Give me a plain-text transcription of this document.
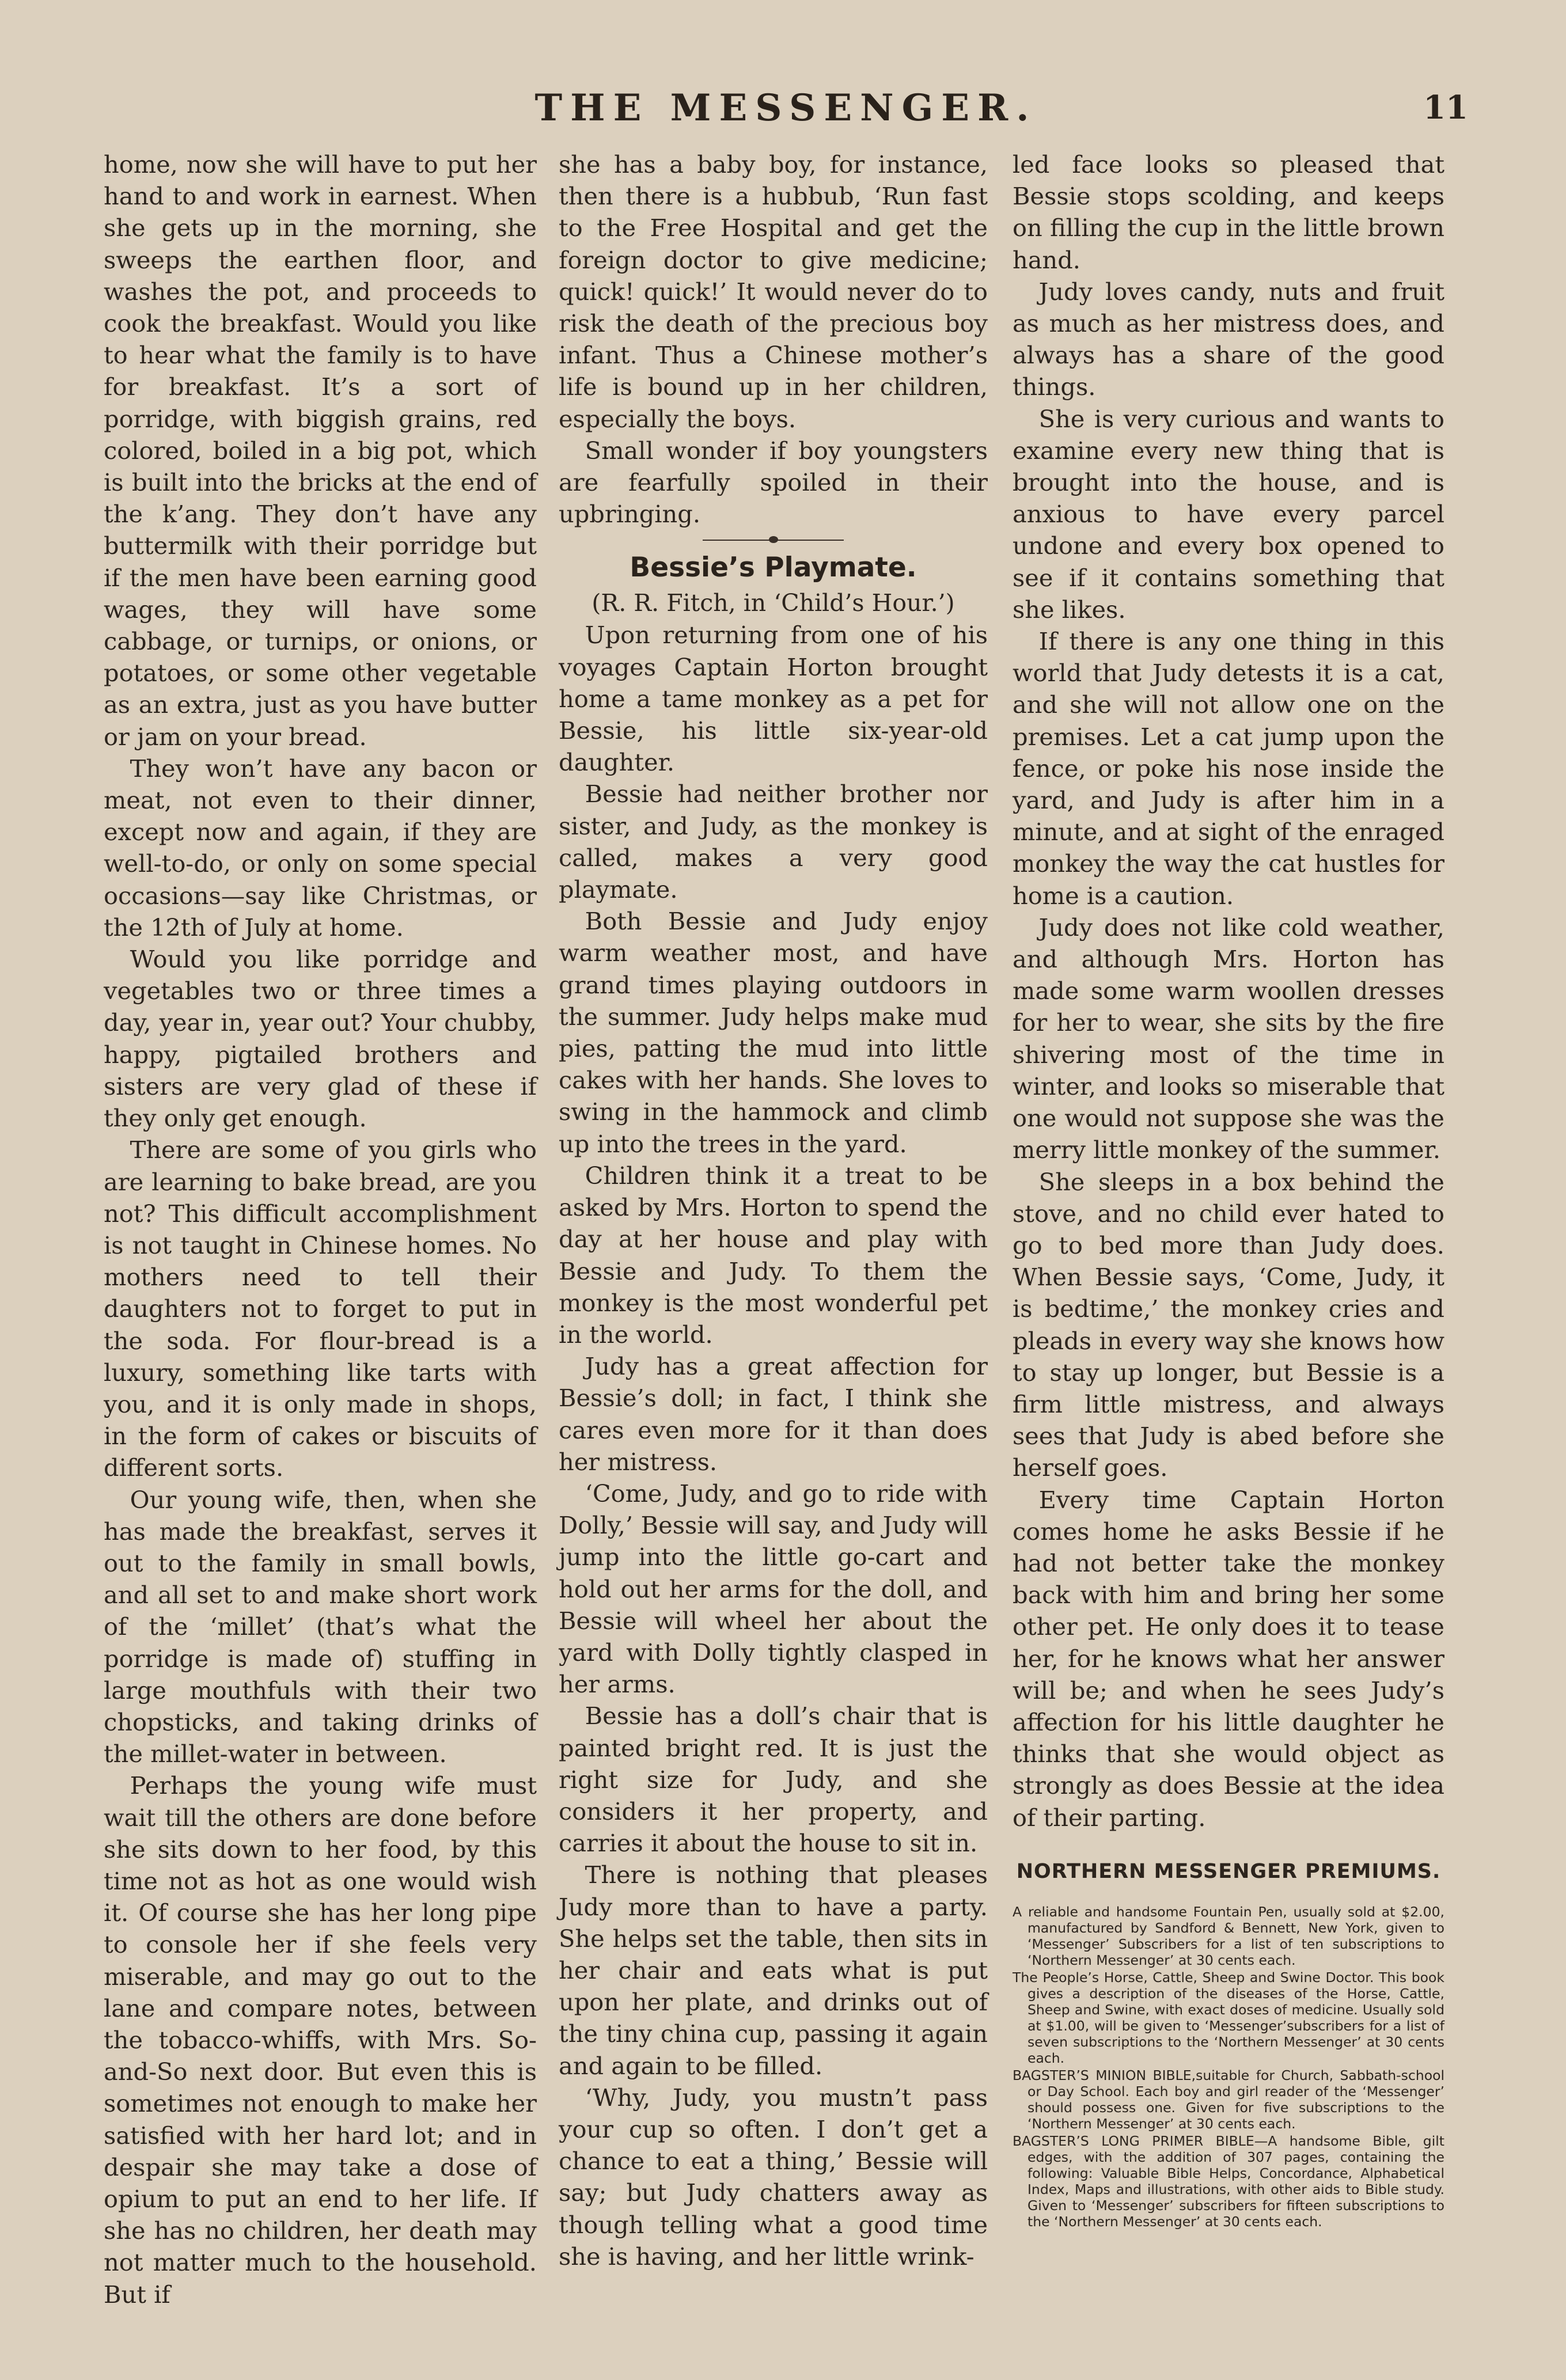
THE MESSENGER.	11

home, now she will have to put her hand to and work in earnest. When she gets up in the morning, she sweeps the earthen floor, and washes the pot, and proceeds to cook the breakfast. Would you like to hear what the family is to have for breakfast. It’s a sort of porridge, with biggish grains, red colored, boiled in a big pot, which is built into the bricks at the end of the k’ang. They don’t have any buttermilk with their porridge but if the men have been earning good wages, they will have some cabbage, or turnips, or onions, or potatoes, or some other vegetable as an extra, just as you have butter or jam on your bread.

They won’t have any bacon or meat, not even to their dinner, except now and again, if they are well-to-do, or only on some special occasions—say like Christmas, or the 12th of July at home.

Would you like porridge and vegetables two or three times a day, year in, year out? Your chubby, happy, pigtailed brothers and sisters are very glad of these if they only get enough.

There are some of you girls who are learning to bake bread, are you not? This difficult accomplishment is not taught in Chinese homes. No mothers need to tell their daughters not to forget to put in the soda. For flour-bread is a luxury, something like tarts with you, and it is only made in shops, in the form of cakes or biscuits of different sorts.

Our young wife, then, when she has made the breakfast, serves it out to the family in small bowls, and all set to and make short work of the ‘millet’ (that’s what the porridge is made of) stuffing in large mouthfuls with their two chopsticks, and taking drinks of the millet-water in between.

Perhaps the young wife must wait till the others are done before she sits down to her food, by this time not as hot as one would wish it. Of course she has her long pipe to console her if she feels very miserable, and may go out to the lane and compare notes, between the tobacco-whiffs, with Mrs. So-and-So next door. But even this is sometimes not enough to make her satisfied with her hard lot; and in despair she may take a dose of opium to put an end to her life. If she has no children, her death may not matter much to the household. But if

she has a baby boy, for instance, then there is a hubbub, ‘Run fast to the Free Hospital and get the foreign doctor to give medicine; quick! quick!’ It would never do to risk the death of the precious boy infant. Thus a Chinese mother’s life is bound up in her children, especially the boys.

Small wonder if boy youngsters are fearfully spoiled in their upbringing.

Bessie’s Playmate.
(R. R. Fitch, in ‘Child’s Hour.’)

Upon returning from one of his voyages Captain Horton brought home a tame monkey as a pet for Bessie, his little six-year-old daughter.

Bessie had neither brother nor sister, and Judy, as the monkey is called, makes a very good playmate.

Both Bessie and Judy enjoy warm weather most, and have grand times playing outdoors in the summer. Judy helps make mud pies, patting the mud into little cakes with her hands. She loves to swing in the hammock and climb up into the trees in the yard.

Children think it a treat to be asked by Mrs. Horton to spend the day at her house and play with Bessie and Judy. To them the monkey is the most wonderful pet in the world.

Judy has a great affection for Bessie’s doll; in fact, I think she cares even more for it than does her mistress.

‘Come, Judy, and go to ride with Dolly,’ Bessie will say, and Judy will jump into the little go-cart and hold out her arms for the doll, and Bessie will wheel her about the yard with Dolly tightly clasped in her arms.

Bessie has a doll’s chair that is painted bright red. It is just the right size for Judy, and she considers it her property, and carries it about the house to sit in.

There is nothing that pleases Judy more than to have a party. She helps set the table, then sits in her chair and eats what is put upon her plate, and drinks out of the tiny china cup, passing it again and again to be filled.

‘Why, Judy, you mustn’t pass your cup so often. I don’t get a chance to eat a thing,’ Bessie will say; but Judy chatters away as though telling what a good time she is having, and her little wrink-

led face looks so pleased that Bessie stops scolding, and keeps on filling the cup in the little brown hand.

Judy loves candy, nuts and fruit as much as her mistress does, and always has a share of the good things.

She is very curious and wants to examine every new thing that is brought into the house, and is anxious to have every parcel undone and every box opened to see if it contains something that she likes.

If there is any one thing in this world that Judy detests it is a cat, and she will not allow one on the premises. Let a cat jump upon the fence, or poke his nose inside the yard, and Judy is after him in a minute, and at sight of the enraged monkey the way the cat hustles for home is a caution.

Judy does not like cold weather, and although Mrs. Horton has made some warm woollen dresses for her to wear, she sits by the fire shivering most of the time in winter, and looks so miserable that one would not suppose she was the merry little monkey of the summer.

She sleeps in a box behind the stove, and no child ever hated to go to bed more than Judy does. When Bessie says, ‘Come, Judy, it is bedtime,’ the monkey cries and pleads in every way she knows how to stay up longer, but Bessie is a firm little mistress, and always sees that Judy is abed before she herself goes.

Every time Captain Horton comes home he asks Bessie if he had not better take the monkey back with him and bring her some other pet. He only does it to tease her, for he knows what her answer will be; and when he sees Judy’s affection for his little daughter he thinks that she would object as strongly as does Bessie at the idea of their parting.

NORTHERN MESSENGER PREMIUMS.

A reliable and handsome Fountain Pen, usually sold at $2.00, manufactured by Sandford & Bennett, New York, given to ‘Messenger’ Subscribers for a list of ten subscriptions to ‘Northern Messenger’ at 30 cents each.

The People’s Horse, Cattle, Sheep and Swine Doctor. This book gives a description of the diseases of the Horse, Cattle, Sheep and Swine, with exact doses of medicine. Usually sold at $1.00, will be given to ‘Messenger’subscribers for a list of seven subscriptions to the ‘Northern Messenger’ at 30 cents each.

BAGSTER’S MINION BIBLE,suitable for Church, Sabbath-school or Day School. Each boy and girl reader of the ‘Messenger’ should possess one. Given for five subscriptions to the ‘Northern Messenger’ at 30 cents each.

BAGSTER’S LONG PRIMER BIBLE—A handsome Bible, gilt edges, with the addition of 307 pages, containing the following: Valuable Bible Helps, Concordance, Alphabetical Index, Maps and illustrations, with other aids to Bible study. Given to ‘Messenger’ subscribers for fifteen subscriptions to the ‘Northern Messenger’ at 30 cents each.
